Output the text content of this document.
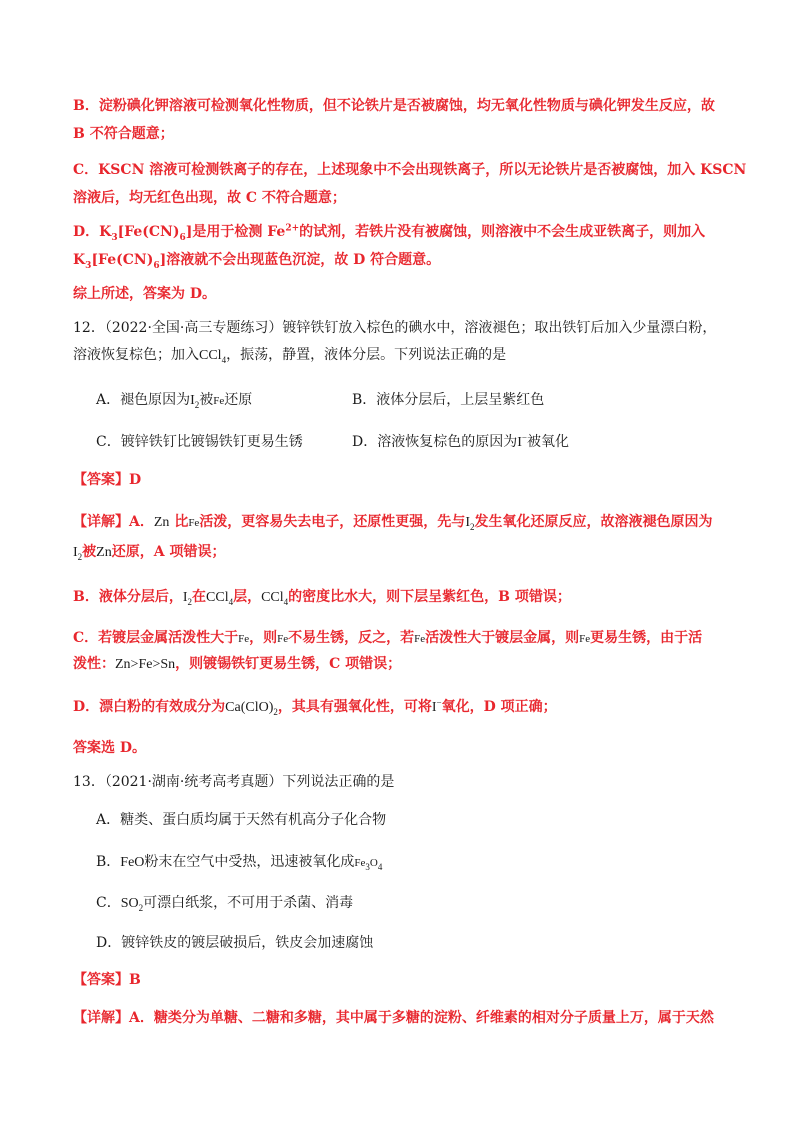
B．淀粉碘化钾溶液可检测氧化性物质，但不论铁片是否被腐蚀，均无氧化性物质与碘化钾发生反应，故
B 不符合题意；
C．KSCN 溶液可检测铁离子的存在，上述现象中不会出现铁离子，所以无论铁片是否被腐蚀，加入 KSCN
溶液后，均无红色出现，故 C 不符合题意；
D．$K_3[Fe(CN)_6]$是用于检测 $Fe^{2+}$的试剂，若铁片没有被腐蚀，则溶液中不会生成亚铁离子，则加入
$K_3[Fe(CN)_6]$溶液就不会出现蓝色沉淀，故 D 符合题意。
综上所述，答案为 D。
12．（2022·全国·高三专题练习）镀锌铁钉放入棕色的碘水中，溶液褪色；取出铁钉后加入少量漂白粉，
溶液恢复棕色；加入CCl$_4$，振荡，静置，液体分层。下列说法正确的是
A．褪色原因为$I_2$被Fe还原	B．液体分层后，上层呈紫红色
C．镀锌铁钉比镀锡铁钉更易生锈	D．溶液恢复棕色的原因为I−被氧化
【答案】D
【详解】A．Zn 比Fe活泼，更容易失去电子，还原性更强，先与$I_2$发生氧化还原反应，故溶液褪色原因为
$I_2$被Zn还原，A 项错误；
B．液体分层后，$I_2$在CCl$_4$层，CCl$_4$的密度比水大，则下层呈紫红色，B 项错误；
C．若镀层金属活泼性大于Fe，则Fe不易生锈，反之，若Fe活泼性大于镀层金属，则Fe更易生锈，由于活
泼性：Zn>Fe>Sn，则镀锡铁钉更易生锈，C 项错误；
D．漂白粉的有效成分为$Ca(ClO)_2$，其具有强氧化性，可将I−氧化，D 项正确；
答案选 D。
13．（2021·湖南·统考高考真题）下列说法正确的是
A．糖类、蛋白质均属于天然有机高分子化合物
B．FeO粉末在空气中受热，迅速被氧化成$Fe_3O_4$
C．$SO_2$可漂白纸浆，不可用于杀菌、消毒
D．镀锌铁皮的镀层破损后，铁皮会加速腐蚀
【答案】B
【详解】A．糖类分为单糖、二糖和多糖，其中属于多糖的淀粉、纤维素的相对分子质量上万，属于天然
